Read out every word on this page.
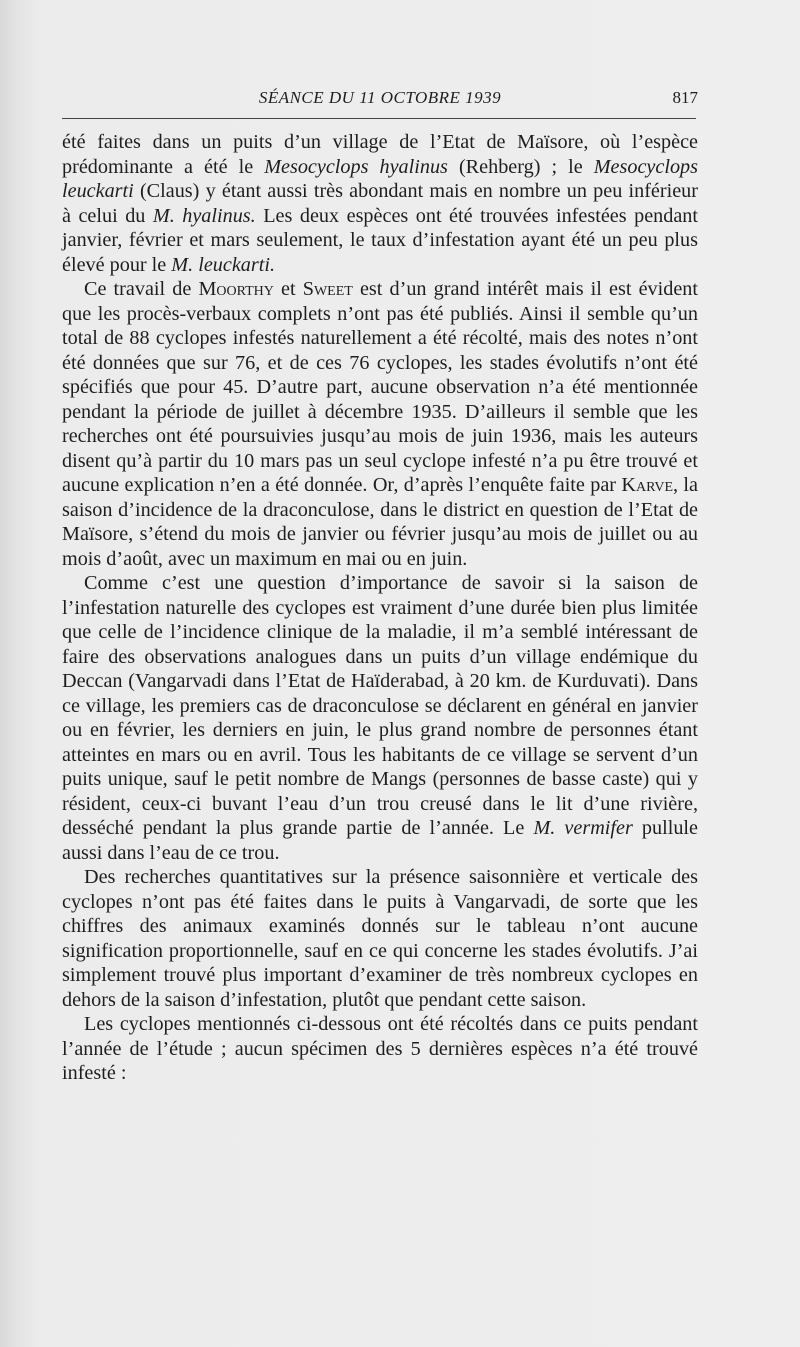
SÉANCE DU 11 OCTOBRE 1939	817

été faites dans un puits d’un village de l’Etat de Maïsore, où l’espèce prédominante a été le Mesocyclops hyalinus (Rehberg) ; le Mesocyclops leuckarti (Claus) y étant aussi très abondant mais en nombre un peu inférieur à celui du M. hyalinus. Les deux espèces ont été trouvées infestées pendant janvier, février et mars seulement, le taux d’infestation ayant été un peu plus élevé pour le M. leuckarti.

Ce travail de Moorthy et Sweet est d’un grand intérêt mais il est évident que les procès-verbaux complets n’ont pas été publiés. Ainsi il semble qu’un total de 88 cyclopes infestés naturellement a été récolté, mais des notes n’ont été données que sur 76, et de ces 76 cyclopes, les stades évolutifs n’ont été spécifiés que pour 45. D’autre part, aucune observation n’a été mentionnée pendant la période de juillet à décembre 1935. D’ailleurs il semble que les recherches ont été poursuivies jusqu’au mois de juin 1936, mais les auteurs disent qu’à partir du 10 mars pas un seul cyclope infesté n’a pu être trouvé et aucune explication n’en a été donnée. Or, d’après l’enquête faite par Karve, la saison d’incidence de la draconculose, dans le district en question de l’Etat de Maïsore, s’étend du mois de janvier ou février jusqu’au mois de juillet ou au mois d’août, avec un maximum en mai ou en juin.

Comme c’est une question d’importance de savoir si la saison de l’infestation naturelle des cyclopes est vraiment d’une durée bien plus limitée que celle de l’incidence clinique de la maladie, il m’a semblé intéressant de faire des observations analogues dans un puits d’un village endémique du Deccan (Vangarvadi dans l’Etat de Haïderabad, à 20 km. de Kurduvati). Dans ce village, les premiers cas de draconculose se déclarent en général en janvier ou en février, les derniers en juin, le plus grand nombre de personnes étant atteintes en mars ou en avril. Tous les habitants de ce village se servent d’un puits unique, sauf le petit nombre de Mangs (personnes de basse caste) qui y résident, ceux-ci buvant l’eau d’un trou creusé dans le lit d’une rivière, desséché pendant la plus grande partie de l’année. Le M. vermifer pullule aussi dans l’eau de ce trou.

Des recherches quantitatives sur la présence saisonnière et verticale des cyclopes n’ont pas été faites dans le puits à Vangarvadi, de sorte que les chiffres des animaux examinés donnés sur le tableau n’ont aucune signification proportionnelle, sauf en ce qui concerne les stades évolutifs. J’ai simplement trouvé plus important d’examiner de très nombreux cyclopes en dehors de la saison d’infestation, plutôt que pendant cette saison.

Les cyclopes mentionnés ci-dessous ont été récoltés dans ce puits pendant l’année de l’étude ; aucun spécimen des 5 dernières espèces n’a été trouvé infesté :
